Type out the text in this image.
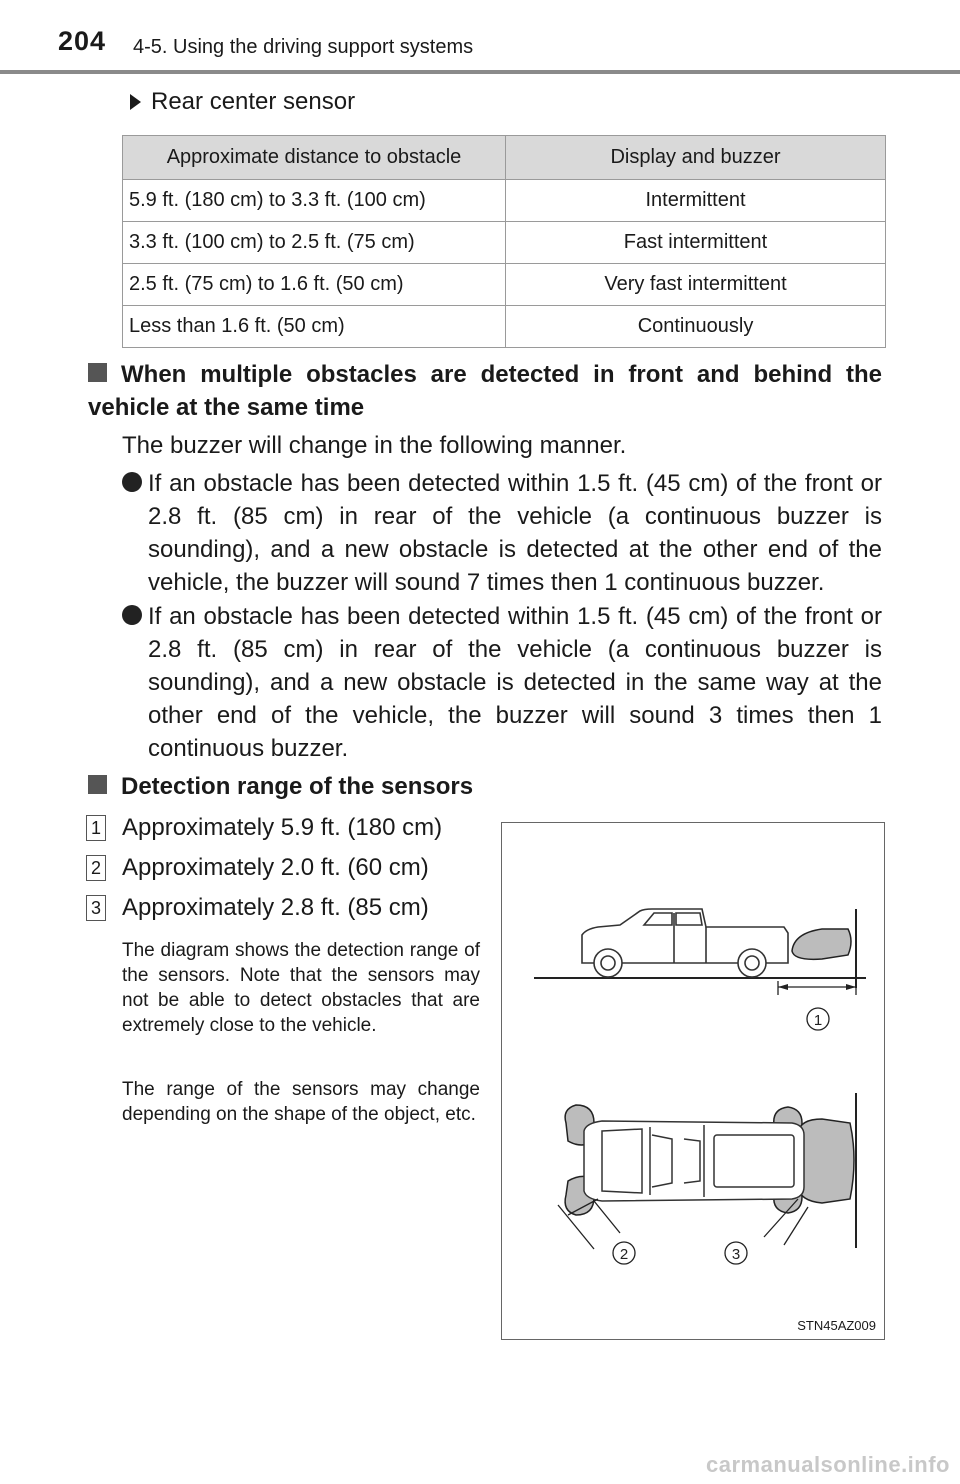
204 4-5. Using the driving support systems
Rear center sensor
Approximate distance to obstacle	Display and buzzer
5.9 ft. (180 cm) to 3.3 ft. (100 cm)	Intermittent
3.3 ft. (100 cm) to 2.5 ft. (75 cm)	Fast intermittent
2.5 ft. (75 cm) to 1.6 ft. (50 cm)	Very fast intermittent
Less than 1.6 ft. (50 cm)	Continuously
When multiple obstacles are detected in front and behind the vehicle at the same time
The buzzer will change in the following manner.
If an obstacle has been detected within 1.5 ft. (45 cm) of the front or 2.8 ft. (85 cm) in rear of the vehicle (a continuous buzzer is sounding), and a new obstacle is detected at the other end of the vehicle, the buzzer will sound 7 times then 1 continuous buzzer.
If an obstacle has been detected within 1.5 ft. (45 cm) of the front or 2.8 ft. (85 cm) in rear of the vehicle (a continuous buzzer is sounding), and a new obstacle is detected in the same way at the other end of the vehicle, the buzzer will sound 3 times then 1 continuous buzzer.
Detection range of the sensors
1 Approximately 5.9 ft. (180 cm)
2 Approximately 2.0 ft. (60 cm)
3 Approximately 2.8 ft. (85 cm)
The diagram shows the detection range of the sensors. Note that the sensors may not be able to detect obstacles that are extremely close to the vehicle.
The range of the sensors may change depending on the shape of the object, etc.
1
2	3
STN45AZ009
carmanualsonline.info
